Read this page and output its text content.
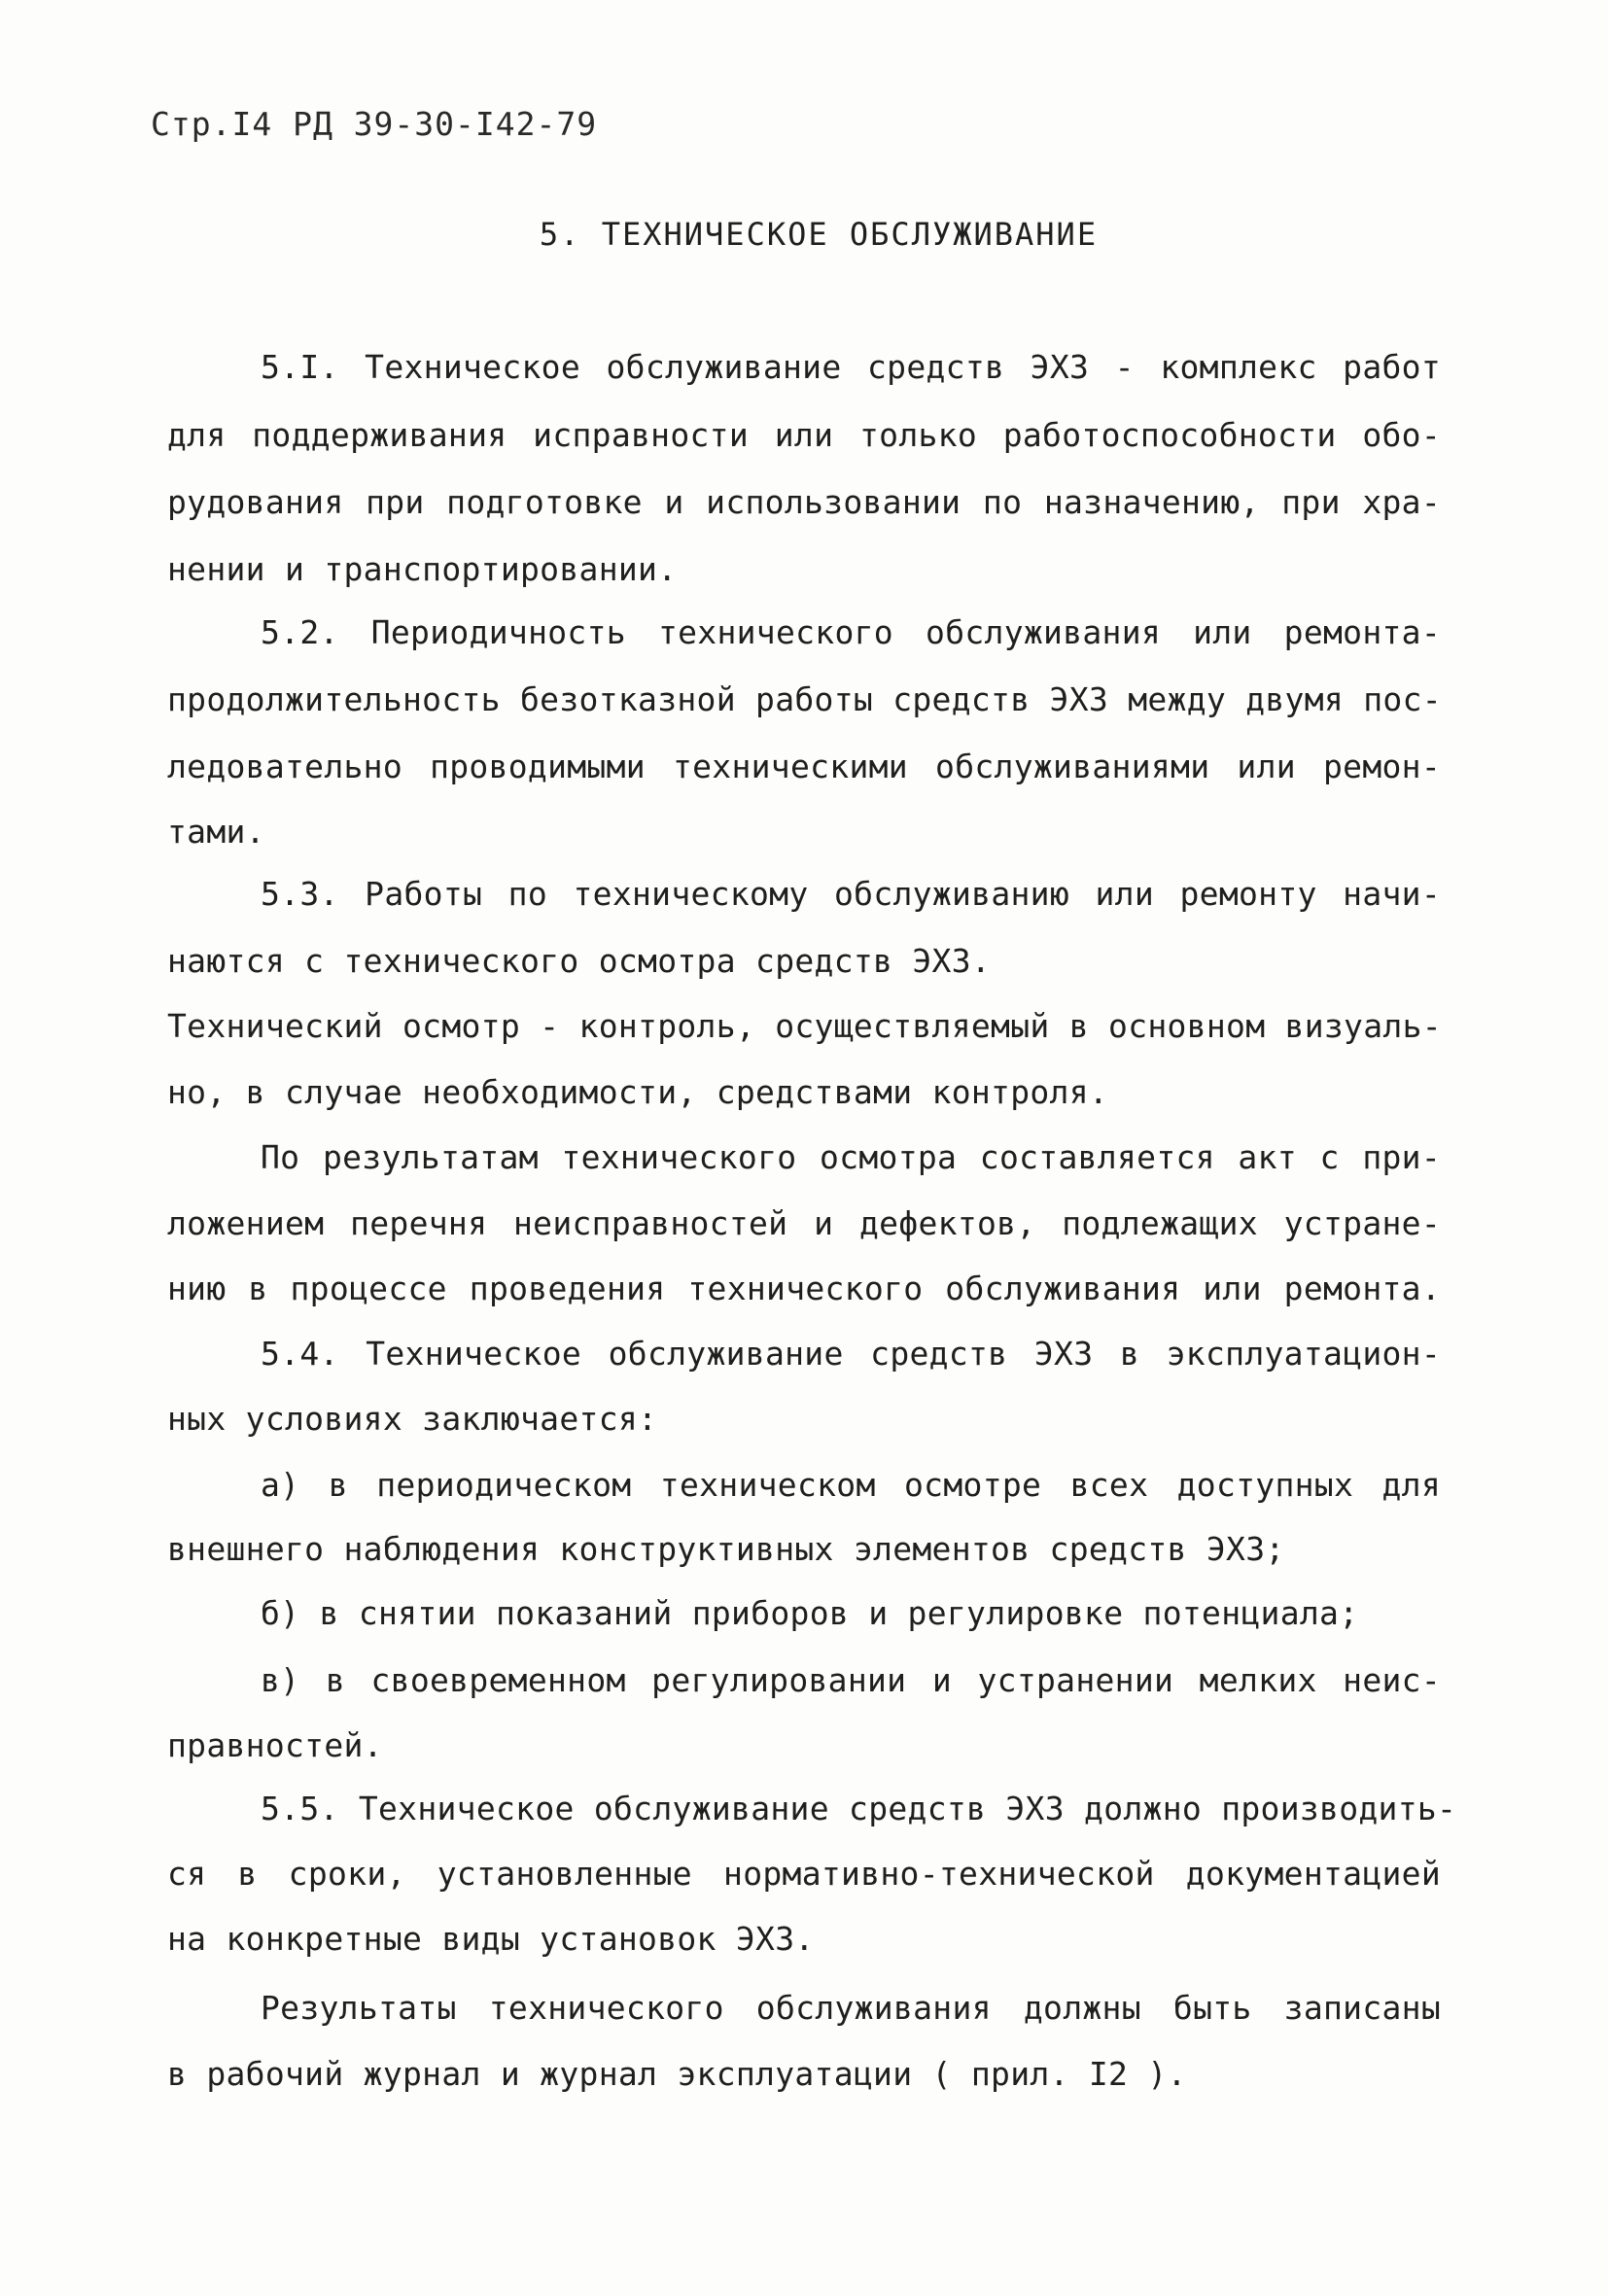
Стр.I4 РД 39-30-I42-79
5. ТЕХНИЧЕСКОЕ ОБСЛУЖИВАНИЕ
5.I. Техническое обслуживание средств ЭХЗ - комплекс работ
для поддерживания исправности или только работоспособности обо-
рудования при подготовке и использовании по назначению, при хра-
нении и транспортировании.
5.2. Периодичность технического обслуживания или ремонта-
продолжительность безотказной работы средств ЭХЗ между двумя пос-
ледовательно проводимыми техническими обслуживаниями или ремон-
тами.
5.3. Работы по техническому обслуживанию или ремонту начи-
наются с технического осмотра средств ЭХЗ.
Технический осмотр - контроль, осуществляемый в основном визуаль-
но, в случае необходимости, средствами контроля.
По результатам технического осмотра составляется акт с при-
ложением перечня неисправностей и дефектов, подлежащих устране-
нию в процессе проведения технического обслуживания или ремонта.
5.4. Техническое обслуживание средств ЭХЗ в эксплуатацион-
ных условиях заключается:
а) в периодическом техническом осмотре всех доступных для
внешнего наблюдения конструктивных элементов средств ЭХЗ;
б) в снятии показаний приборов и регулировке потенциала;
в) в своевременном регулировании и устранении мелких неис-
правностей.
5.5. Техническое обслуживание средств ЭХЗ должно производить-
ся в сроки, установленные нормативно-технической документацией
на конкретные виды установок ЭХЗ.
Результаты технического обслуживания должны быть записаны
в рабочий журнал и журнал эксплуатации ( прил. I2 ).
